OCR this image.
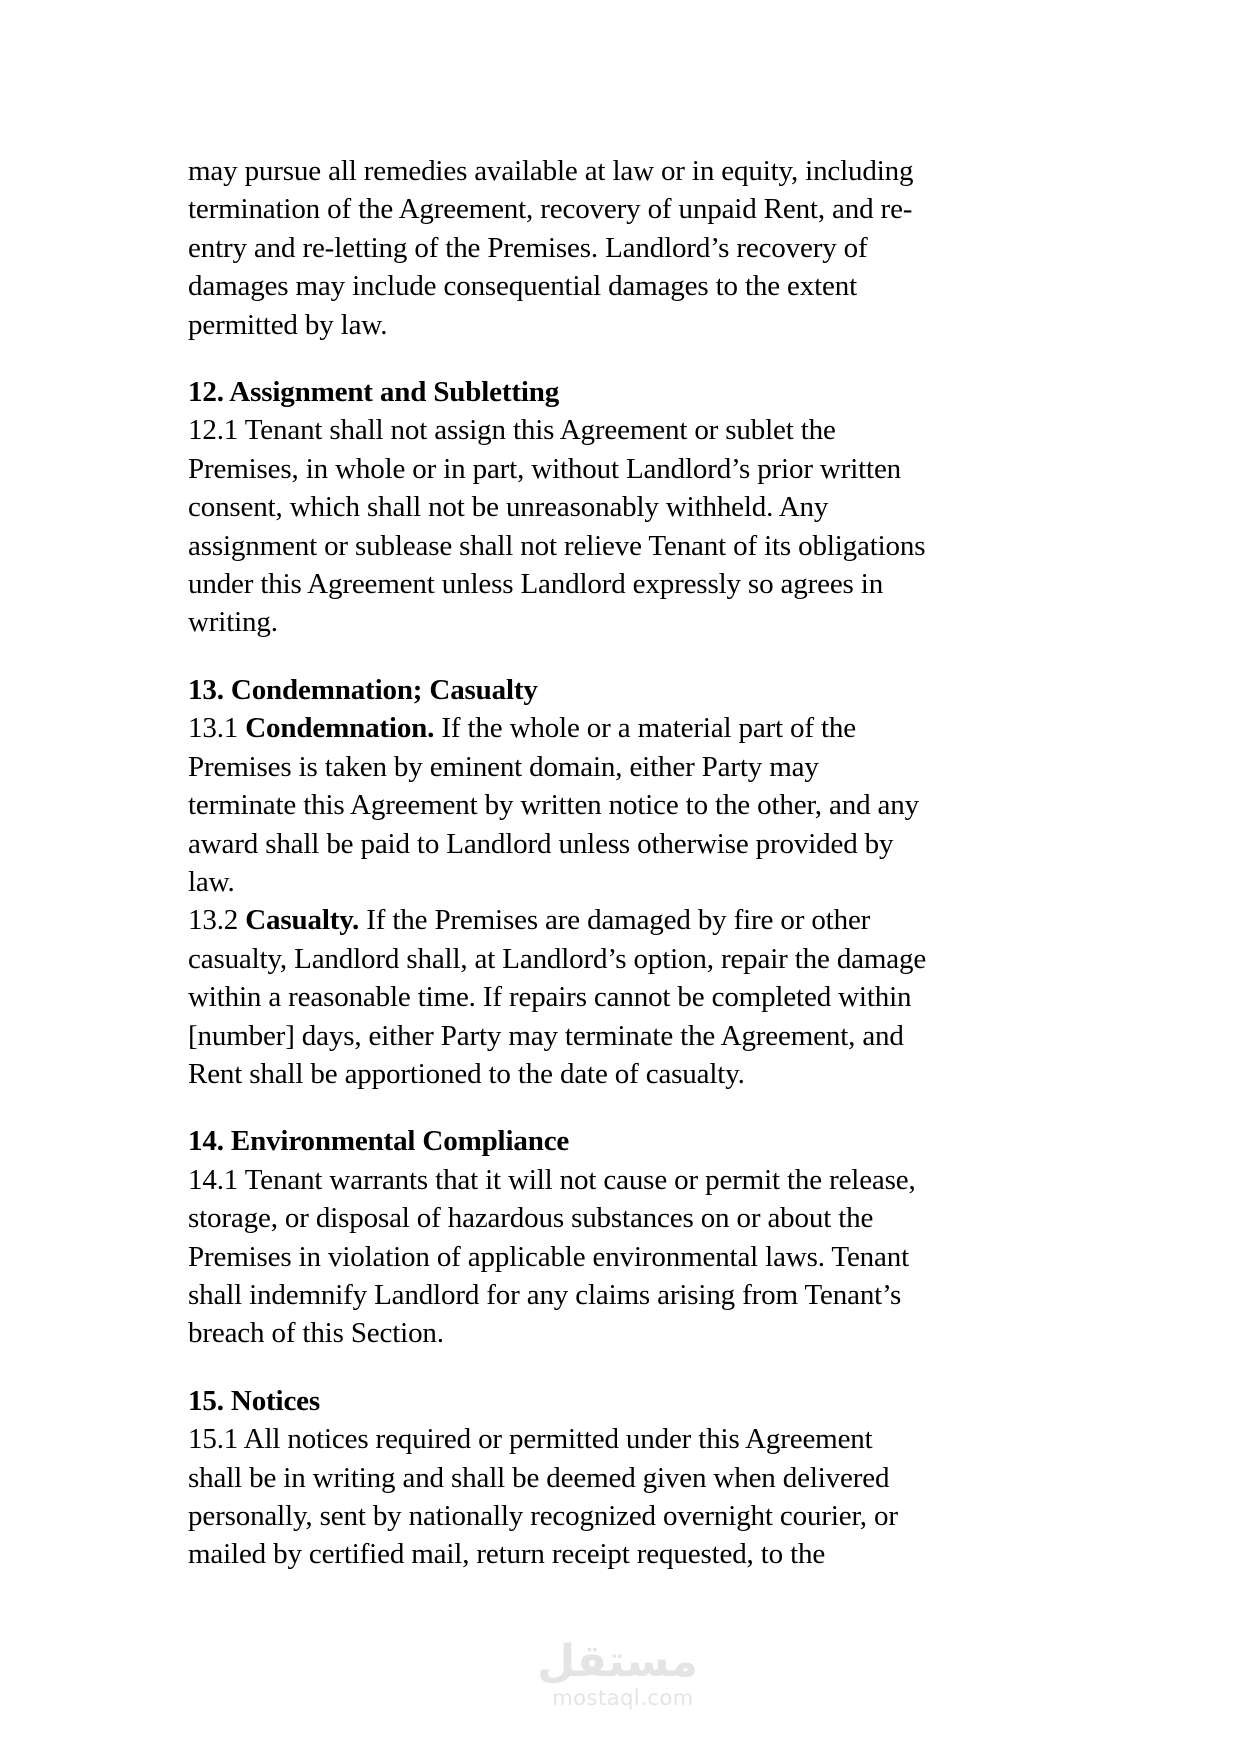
may pursue all remedies available at law or in equity, including
termination of the Agreement, recovery of unpaid Rent, and re-
entry and re-letting of the Premises. Landlord’s recovery of
damages may include consequential damages to the extent
permitted by law.

12. Assignment and Subletting

12.1 Tenant shall not assign this Agreement or sublet the
Premises, in whole or in part, without Landlord’s prior written
consent, which shall not be unreasonably withheld. Any
assignment or sublease shall not relieve Tenant of its obligations
under this Agreement unless Landlord expressly so agrees in
writing.

13. Condemnation; Casualty

13.1 Condemnation. If the whole or a material part of the
Premises is taken by eminent domain, either Party may
terminate this Agreement by written notice to the other, and any
award shall be paid to Landlord unless otherwise provided by
law.

13.2 Casualty. If the Premises are damaged by fire or other
casualty, Landlord shall, at Landlord’s option, repair the damage
within a reasonable time. If repairs cannot be completed within
[number] days, either Party may terminate the Agreement, and
Rent shall be apportioned to the date of casualty.

14. Environmental Compliance

14.1 Tenant warrants that it will not cause or permit the release,
storage, or disposal of hazardous substances on or about the
Premises in violation of applicable environmental laws. Tenant
shall indemnify Landlord for any claims arising from Tenant’s
breach of this Section.

15. Notices

15.1 All notices required or permitted under this Agreement
shall be in writing and shall be deemed given when delivered
personally, sent by nationally recognized overnight courier, or
mailed by certified mail, return receipt requested, to the

مستقل
mostaql.com
